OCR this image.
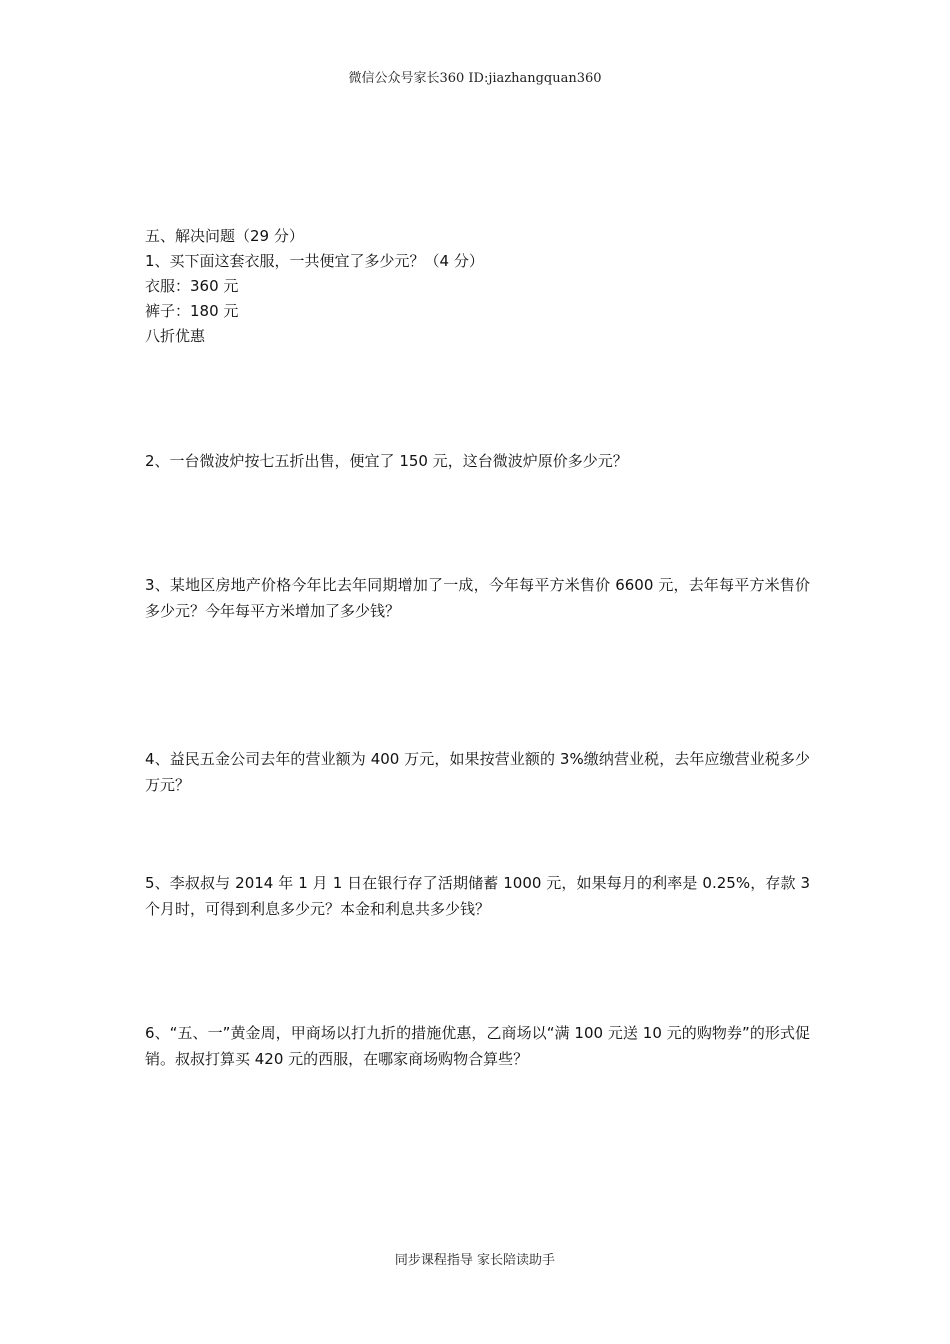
微信公众号家长360 ID:jiazhangquan360
五、解决问题（29 分）
1、买下面这套衣服，一共便宜了多少元？（4 分）
衣服：360 元
裤子：180 元
八折优惠
2、一台微波炉按七五折出售，便宜了 150 元，这台微波炉原价多少元？
3、某地区房地产价格今年比去年同期增加了一成，今年每平方米售价 6600 元，去年每平方米售价多少元？今年每平方米增加了多少钱？
4、益民五金公司去年的营业额为 400 万元，如果按营业额的 3%缴纳营业税，去年应缴营业税多少万元？
5、李叔叔与 2014 年 1 月 1 日在银行存了活期储蓄 1000 元，如果每月的利率是 0.25%，存款 3 个月时，可得到利息多少元？本金和利息共多少钱？
6、“五、一”黄金周，甲商场以打九折的措施优惠，乙商场以“满 100 元送 10 元的购物券”的形式促销。叔叔打算买 420 元的西服，在哪家商场购物合算些？
同步课程指导 家长陪读助手
